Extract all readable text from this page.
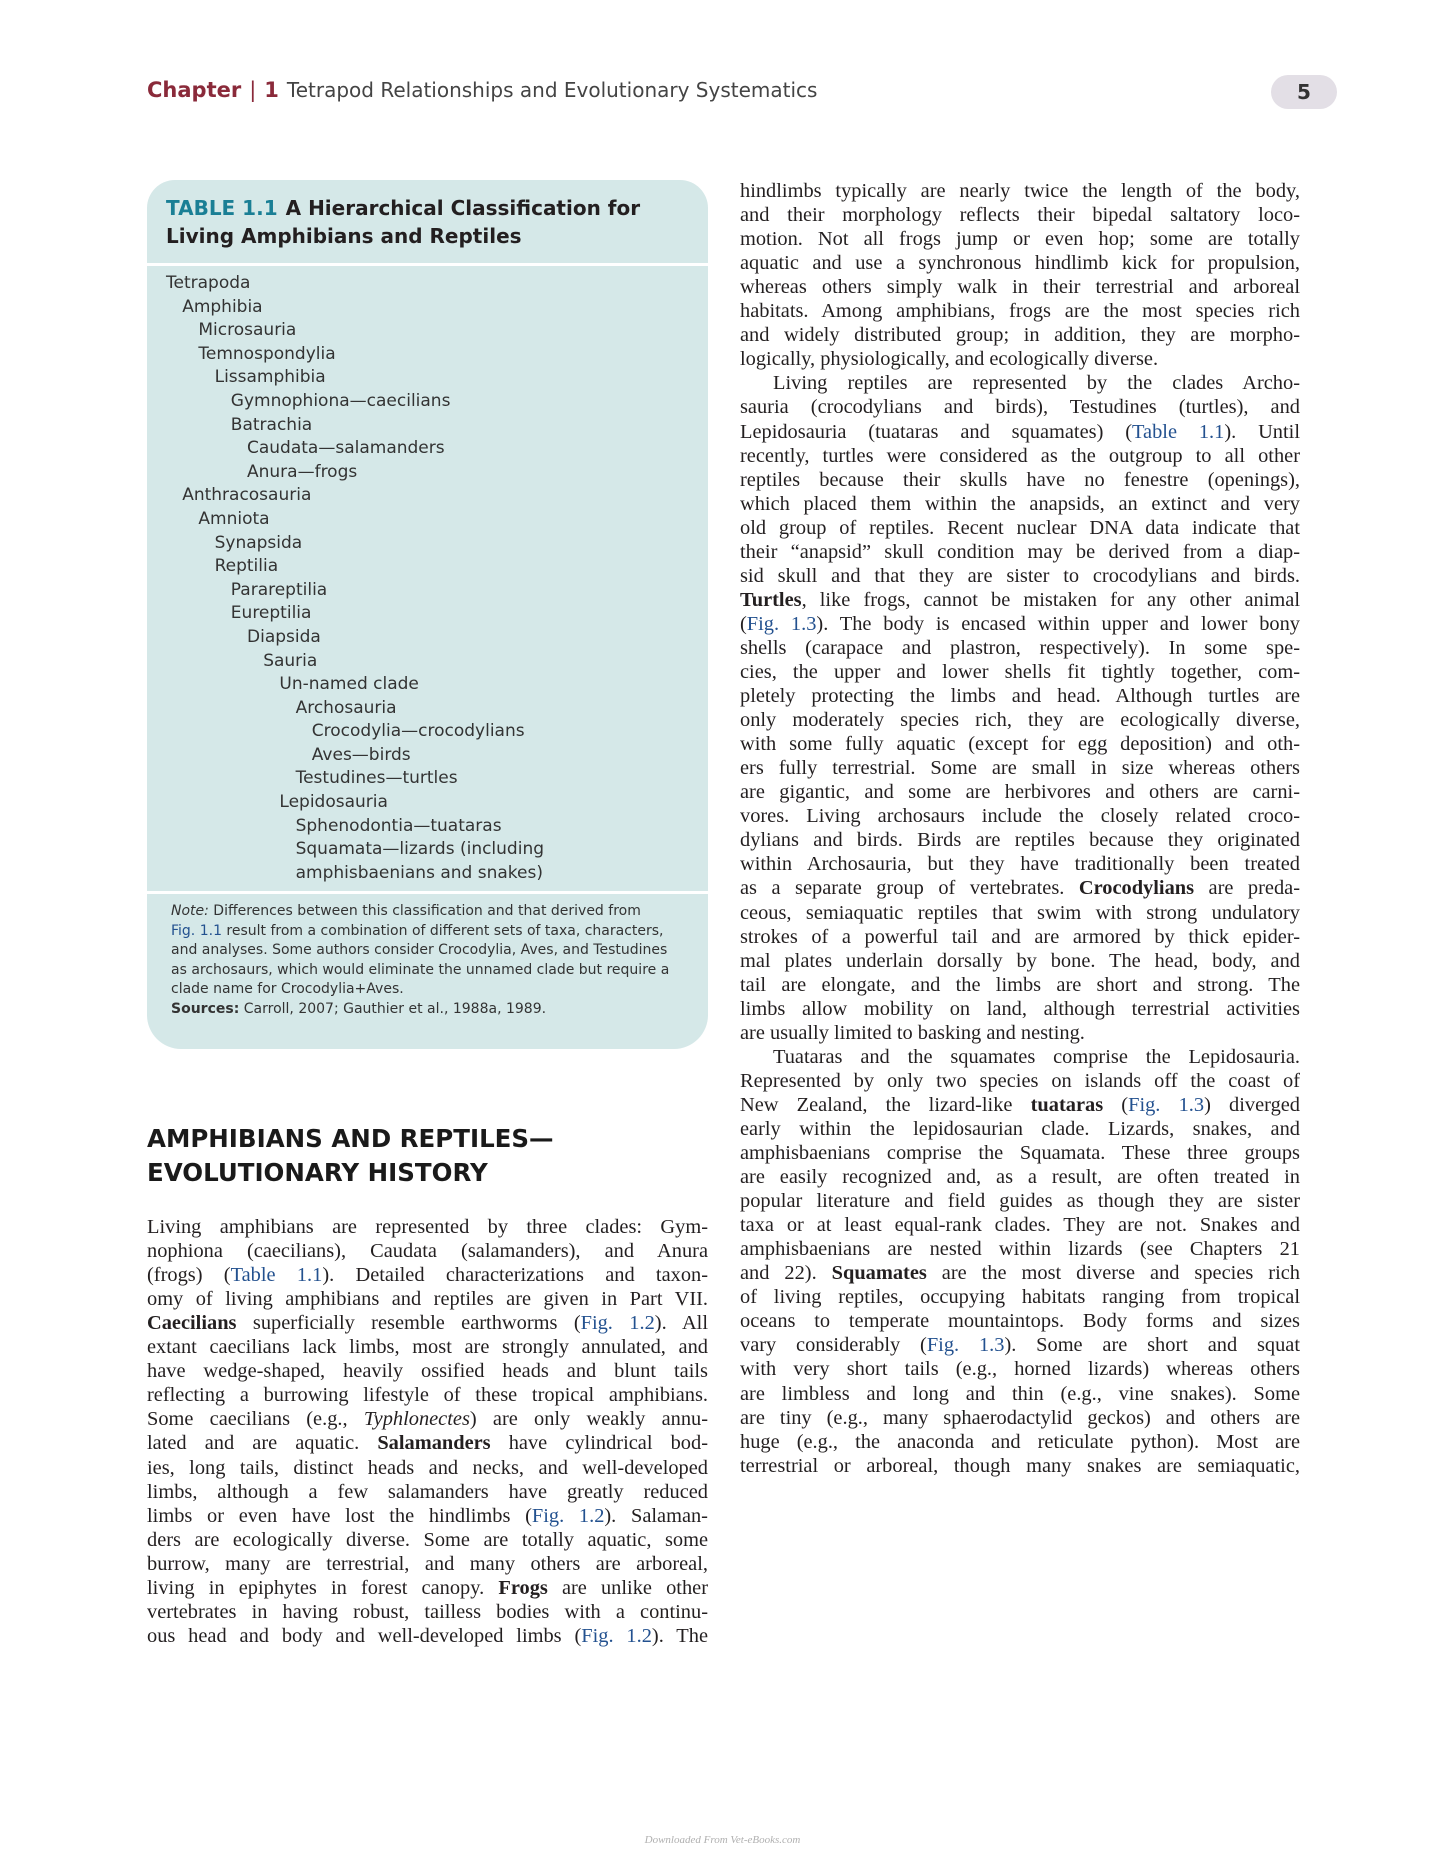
Chapter | 1 Tetrapod Relationships and Evolutionary Systematics	5
TABLE 1.1 A Hierarchical Classification for Living Amphibians and Reptiles
Tetrapoda
Amphibia
Microsauria
Temnospondylia
Lissamphibia
Gymnophiona—caecilians
Batrachia
Caudata—salamanders
Anura—frogs
Anthracosauria
Amniota
Synapsida
Reptilia
Parareptilia
Eureptilia
Diapsida
Sauria
Un-named clade
Archosauria
Crocodylia—crocodylians
Aves—birds
Testudines—turtles
Lepidosauria
Sphenodontia—tuataras
Squamata—lizards (including
amphisbaenians and snakes)
Note: Differences between this classification and that derived from
Fig. 1.1 result from a combination of different sets of taxa, characters,
and analyses. Some authors consider Crocodylia, Aves, and Testudines
as archosaurs, which would eliminate the unnamed clade but require a
clade name for Crocodylia+Aves.
Sources: Carroll, 2007; Gauthier et al., 1988a, 1989.
AMPHIBIANS AND REPTILES—
EVOLUTIONARY HISTORY
Living amphibians are represented by three clades: Gym-
nophiona (caecilians), Caudata (salamanders), and Anura
(frogs) (Table 1.1). Detailed characterizations and taxon-
omy of living amphibians and reptiles are given in Part VII.
Caecilians superficially resemble earthworms (Fig. 1.2). All
extant caecilians lack limbs, most are strongly annulated, and
have wedge-shaped, heavily ossified heads and blunt tails
reflecting a burrowing lifestyle of these tropical amphibians.
Some caecilians (e.g., Typhlonectes) are only weakly annu-
lated and are aquatic. Salamanders have cylindrical bod-
ies, long tails, distinct heads and necks, and well-developed
limbs, although a few salamanders have greatly reduced
limbs or even have lost the hindlimbs (Fig. 1.2). Salaman-
ders are ecologically diverse. Some are totally aquatic, some
burrow, many are terrestrial, and many others are arboreal,
living in epiphytes in forest canopy. Frogs are unlike other
vertebrates in having robust, tailless bodies with a continu-
ous head and body and well-developed limbs (Fig. 1.2). The
hindlimbs typically are nearly twice the length of the body,
and their morphology reflects their bipedal saltatory loco-
motion. Not all frogs jump or even hop; some are totally
aquatic and use a synchronous hindlimb kick for propulsion,
whereas others simply walk in their terrestrial and arboreal
habitats. Among amphibians, frogs are the most species rich
and widely distributed group; in addition, they are morpho-
logically, physiologically, and ecologically diverse.
Living reptiles are represented by the clades Archo-
sauria (crocodylians and birds), Testudines (turtles), and
Lepidosauria (tuataras and squamates) (Table 1.1). Until
recently, turtles were considered as the outgroup to all other
reptiles because their skulls have no fenestre (openings),
which placed them within the anapsids, an extinct and very
old group of reptiles. Recent nuclear DNA data indicate that
their “anapsid” skull condition may be derived from a diap-
sid skull and that they are sister to crocodylians and birds.
Turtles, like frogs, cannot be mistaken for any other animal
(Fig. 1.3). The body is encased within upper and lower bony
shells (carapace and plastron, respectively). In some spe-
cies, the upper and lower shells fit tightly together, com-
pletely protecting the limbs and head. Although turtles are
only moderately species rich, they are ecologically diverse,
with some fully aquatic (except for egg deposition) and oth-
ers fully terrestrial. Some are small in size whereas others
are gigantic, and some are herbivores and others are carni-
vores. Living archosaurs include the closely related croco-
dylians and birds. Birds are reptiles because they originated
within Archosauria, but they have traditionally been treated
as a separate group of vertebrates. Crocodylians are preda-
ceous, semiaquatic reptiles that swim with strong undulatory
strokes of a powerful tail and are armored by thick epider-
mal plates underlain dorsally by bone. The head, body, and
tail are elongate, and the limbs are short and strong. The
limbs allow mobility on land, although terrestrial activities
are usually limited to basking and nesting.
Tuataras and the squamates comprise the Lepidosauria.
Represented by only two species on islands off the coast of
New Zealand, the lizard-like tuataras (Fig. 1.3) diverged
early within the lepidosaurian clade. Lizards, snakes, and
amphisbaenians comprise the Squamata. These three groups
are easily recognized and, as a result, are often treated in
popular literature and field guides as though they are sister
taxa or at least equal-rank clades. They are not. Snakes and
amphisbaenians are nested within lizards (see Chapters 21
and 22). Squamates are the most diverse and species rich
of living reptiles, occupying habitats ranging from tropical
oceans to temperate mountaintops. Body forms and sizes
vary considerably (Fig. 1.3). Some are short and squat
with very short tails (e.g., horned lizards) whereas others
are limbless and long and thin (e.g., vine snakes). Some
are tiny (e.g., many sphaerodactylid geckos) and others are
huge (e.g., the anaconda and reticulate python). Most are
terrestrial or arboreal, though many snakes are semiaquatic,
Downloaded From Vet-eBooks.com
